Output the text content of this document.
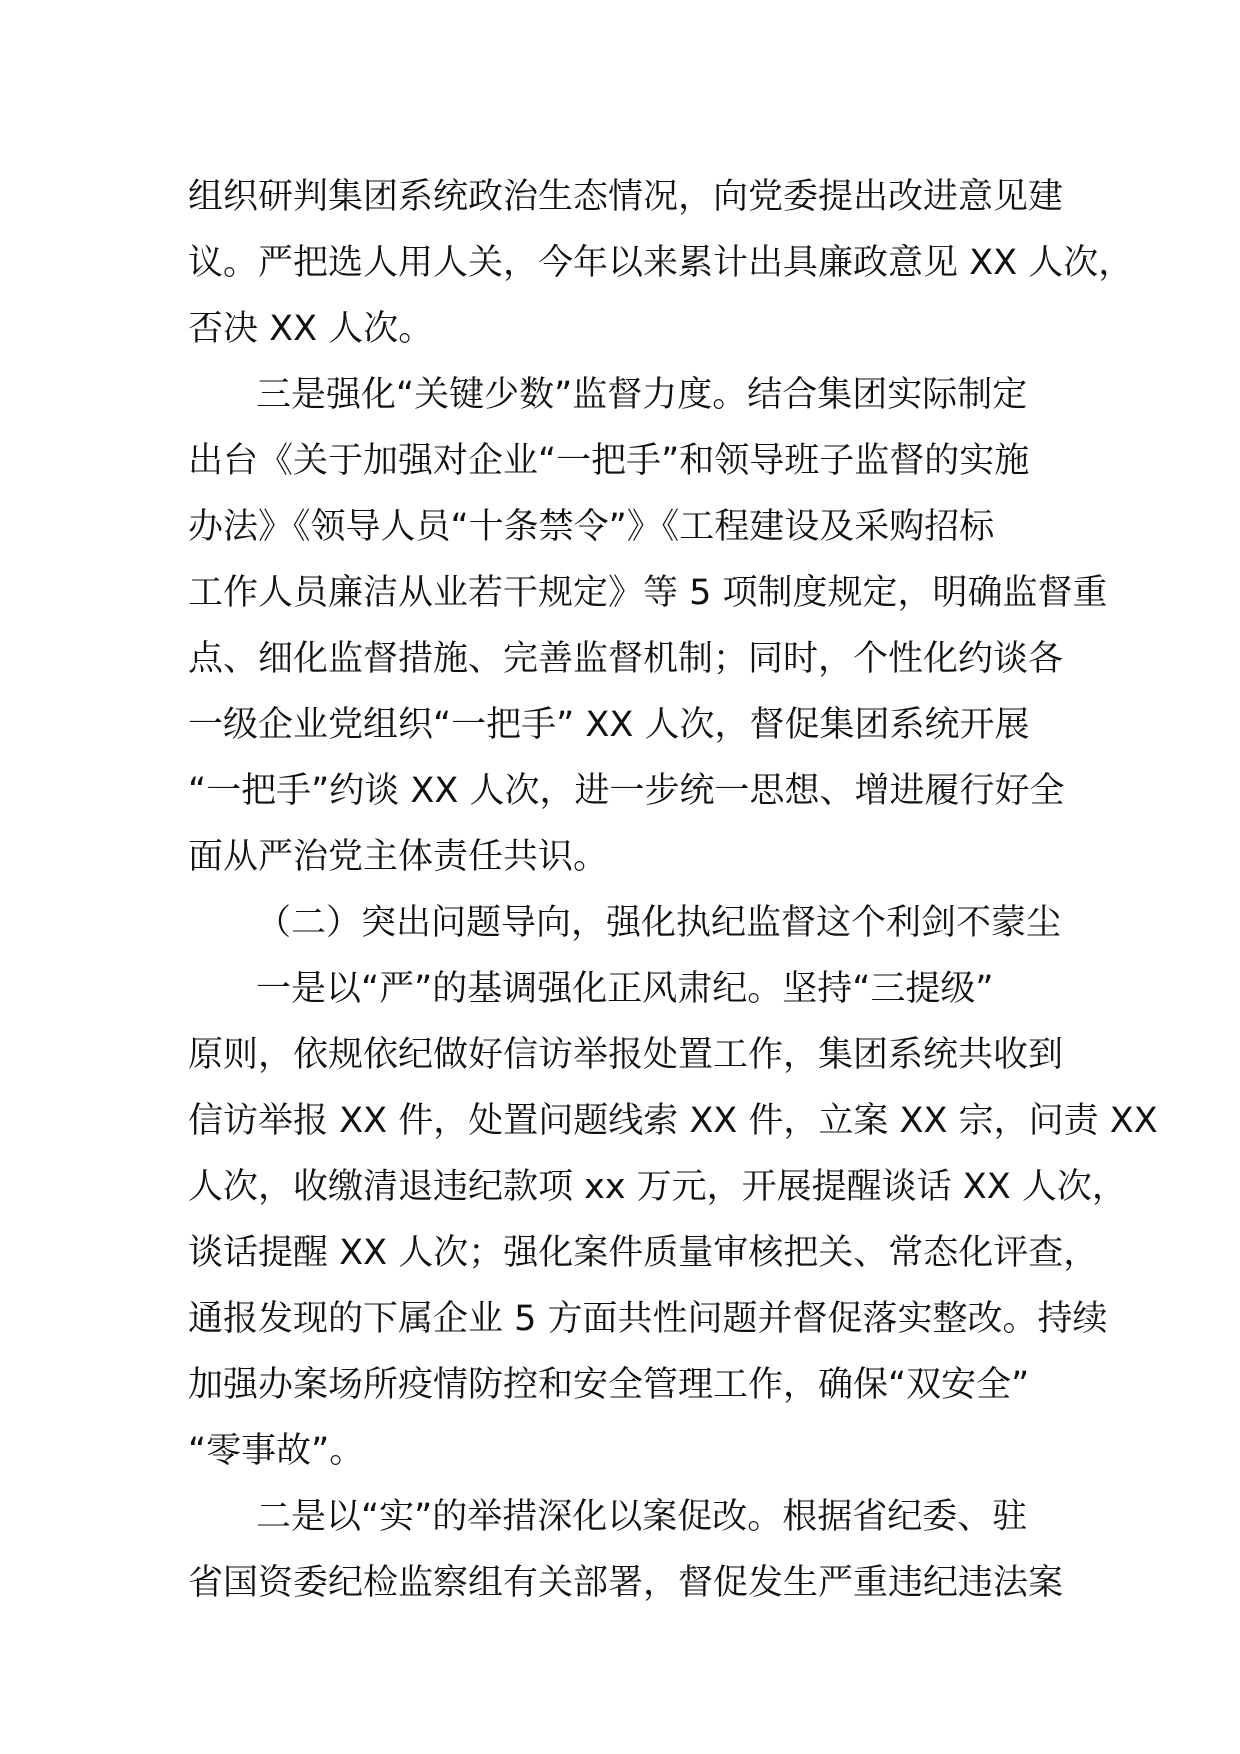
组织研判集团系统政治生态情况，向党委提出改进意见建
议。严把选人用人关，今年以来累计出具廉政意见 XX 人次，
否决 XX 人次。
三是强化“关键少数”监督力度。结合集团实际制定
出台《关于加强对企业“一把手”和领导班子监督的实施
办法》《领导人员“十条禁令”》《工程建设及采购招标
工作人员廉洁从业若干规定》等 5 项制度规定，明确监督重
点、细化监督措施、完善监督机制；同时，个性化约谈各
一级企业党组织“一把手” XX 人次，督促集团系统开展
“一把手”约谈 XX 人次，进一步统一思想、增进履行好全
面从严治党主体责任共识。
（二）突出问题导向，强化执纪监督这个利剑不蒙尘
一是以“严”的基调强化正风肃纪。坚持“三提级”
原则，依规依纪做好信访举报处置工作，集团系统共收到
信访举报 XX 件，处置问题线索 XX 件，立案 XX 宗，问责 XX
人次，收缴清退违纪款项 xx 万元，开展提醒谈话 XX 人次，
谈话提醒 XX 人次；强化案件质量审核把关、常态化评查，
通报发现的下属企业 5 方面共性问题并督促落实整改。持续
加强办案场所疫情防控和安全管理工作，确保“双安全”
“零事故”。
二是以“实”的举措深化以案促改。根据省纪委、驻
省国资委纪检监察组有关部署，督促发生严重违纪违法案
